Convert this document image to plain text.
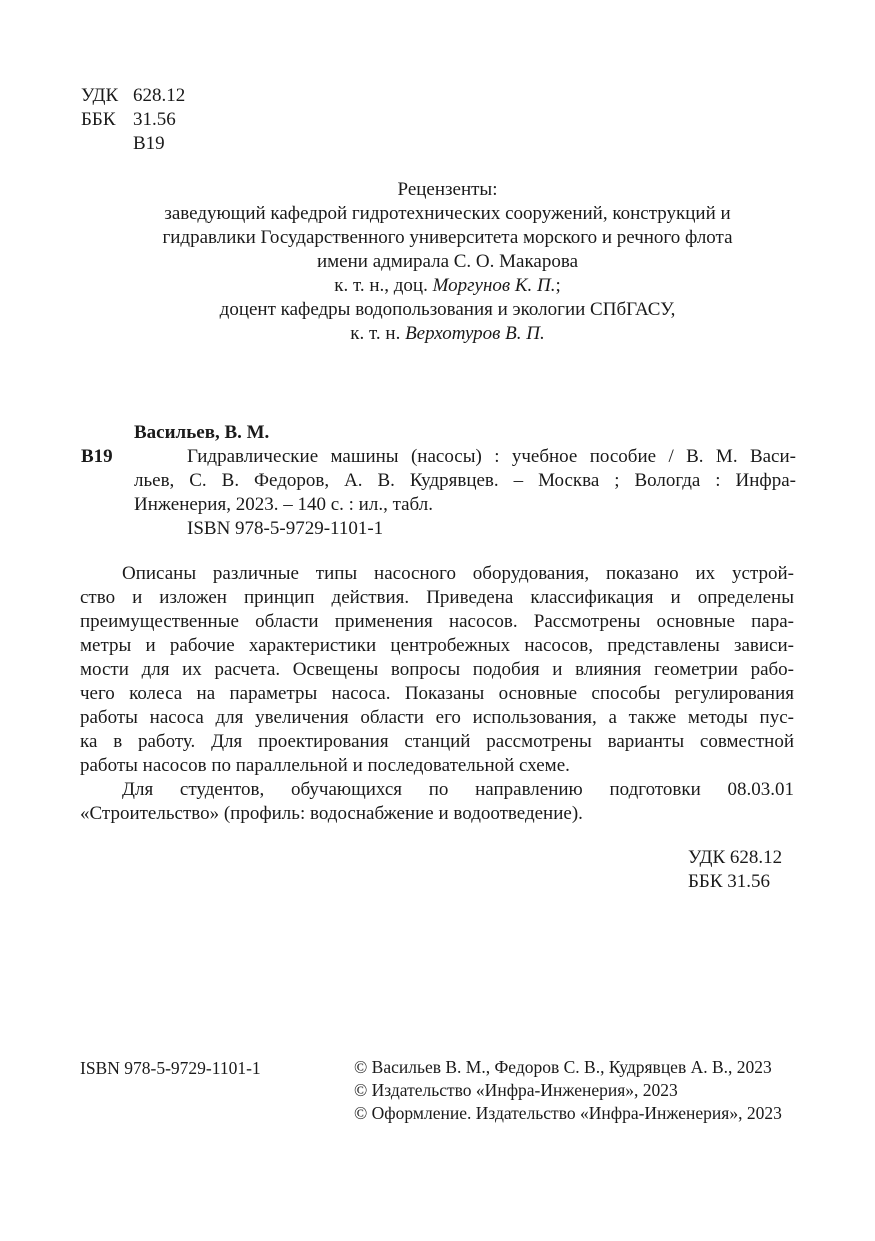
УДК 628.12
ББК 31.56
В19
Рецензенты:
заведующий кафедрой гидротехнических сооружений, конструкций и
гидравлики Государственного университета морского и речного флота
имени адмирала С. О. Макарова
к. т. н., доц. Моргунов К. П.;
доцент кафедры водопользования и экологии СПбГАСУ,
к. т. н. Верхотуров В. П.
Васильев, В. М.
В19	Гидравлические машины (насосы) : учебное пособие / В. М. Васи-
льев, С. В. Федоров, А. В. Кудрявцев. – Москва ; Вологда : Инфра-
Инженерия, 2023. – 140 с. : ил., табл.
ISBN 978-5-9729-1101-1
Описаны различные типы насосного оборудования, показано их устрой-
ство и изложен принцип действия. Приведена классификация и определены
преимущественные области применения насосов. Рассмотрены основные пара-
метры и рабочие характеристики центробежных насосов, представлены зависи-
мости для их расчета. Освещены вопросы подобия и влияния геометрии рабо-
чего колеса на параметры насоса. Показаны основные способы регулирования
работы насоса для увеличения области его использования, а также методы пус-
ка в работу. Для проектирования станций рассмотрены варианты совместной
работы насосов по параллельной и последовательной схеме.
Для студентов, обучающихся по направлению подготовки 08.03.01
«Строительство» (профиль: водоснабжение и водоотведение).
УДК 628.12
ББК 31.56
ISBN 978-5-9729-1101-1	© Васильев В. М., Федоров С. В., Кудрявцев А. В., 2023
© Издательство «Инфра-Инженерия», 2023
© Оформление. Издательство «Инфра-Инженерия», 2023
